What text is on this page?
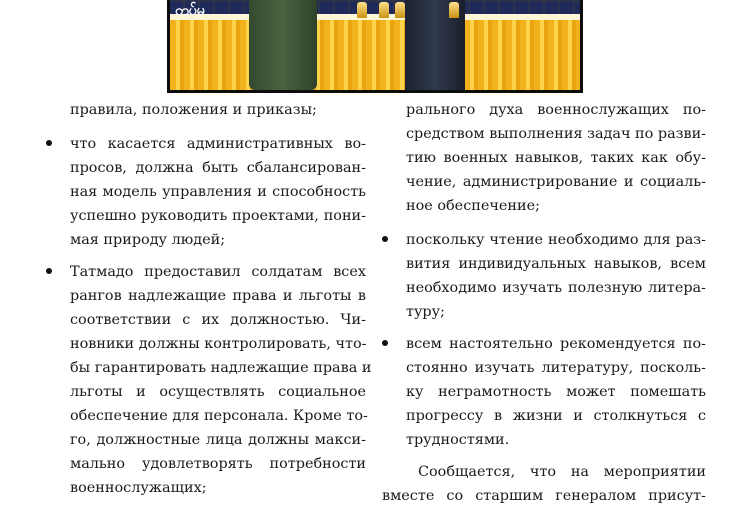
တပ်မ
правила, положения и приказы;
что касается административных во-
просов, должна быть сбалансирован-
ная модель управления и способность
успешно руководить проектами, пони-
мая природу людей;
Татмадо предоставил солдатам всех
рангов надлежащие права и льготы в
соответствии с их должностью. Чи-
новники должны контролировать, что-
бы гарантировать надлежащие права и
льготы и осуществлять социальное
обеспечение для персонала. Кроме то-
го, должностные лица должны макси-
мально удовлетворять потребности
военнослужащих;
рального духа военнослужащих по-
средством выполнения задач по разви-
тию военных навыков, таких как обу-
чение, администрирование и социаль-
ное обеспечение;
поскольку чтение необходимо для раз-
вития индивидуальных навыков, всем
необходимо изучать полезную литера-
туру;
всем настоятельно рекомендуется по-
стоянно изучать литературу, посколь-
ку неграмотность может помешать
прогрессу в жизни и столкнуться с
трудностями.
Сообщается, что на мероприятии
вместе со старшим генералом присут-
